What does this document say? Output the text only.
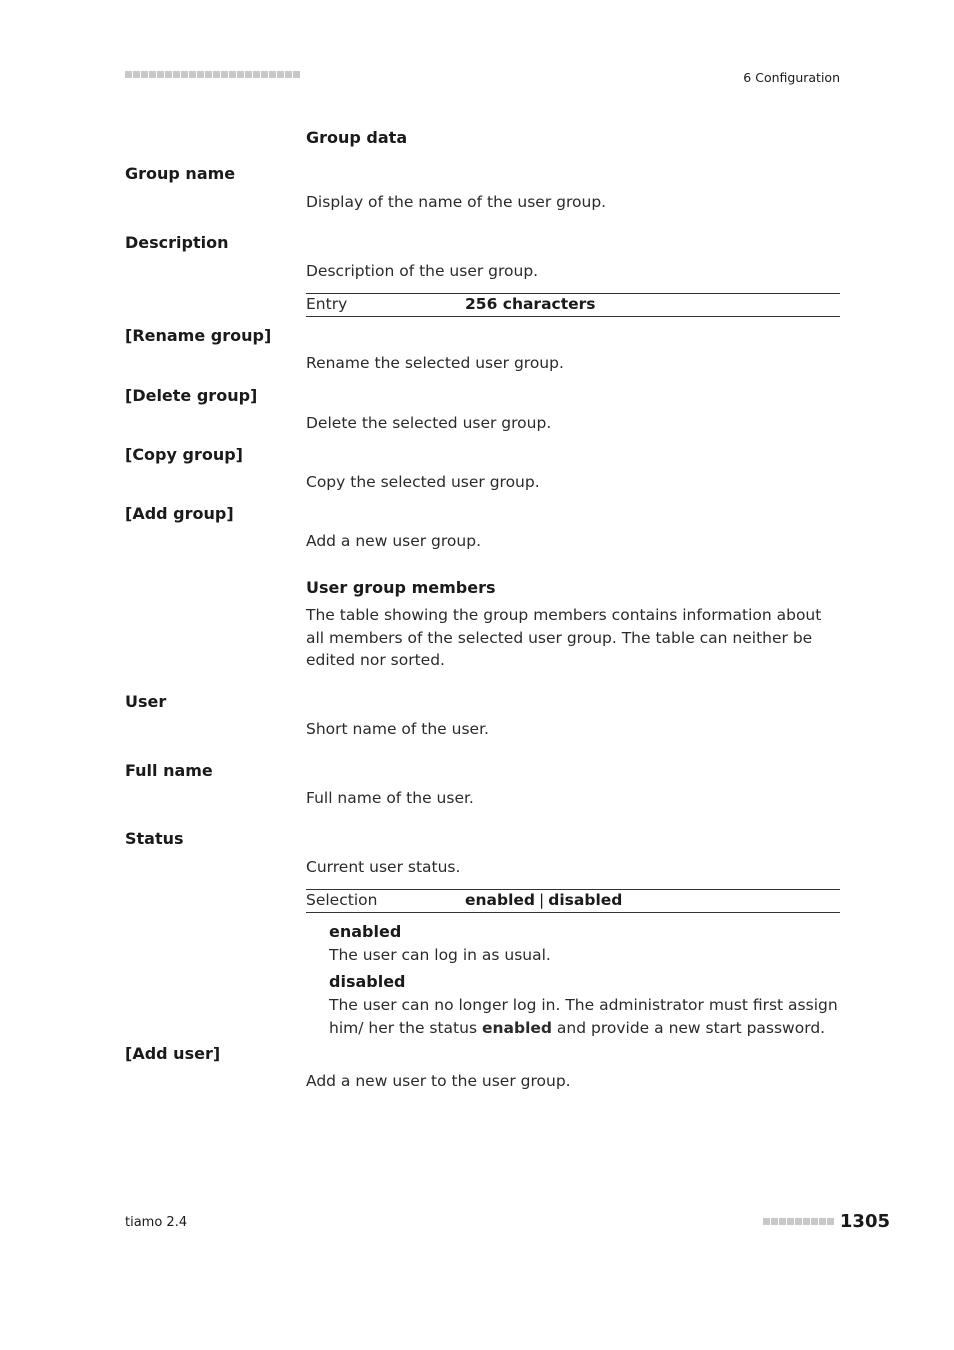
6 Configuration
Group data
Group name
Display of the name of the user group.
Description
Description of the user group.
Entry	256 characters
[Rename group]
Rename the selected user group.
[Delete group]
Delete the selected user group.
[Copy group]
Copy the selected user group.
[Add group]
Add a new user group.
User group members
The table showing the group members contains information about all members of the selected user group. The table can neither be edited nor sorted.
User
Short name of the user.
Full name
Full name of the user.
Status
Current user status.
Selection	enabled | disabled
enabled
The user can log in as usual.
disabled
The user can no longer log in. The administrator must first assign him/ her the status enabled and provide a new start password.
[Add user]
Add a new user to the user group.
tiamo 2.4	1305
